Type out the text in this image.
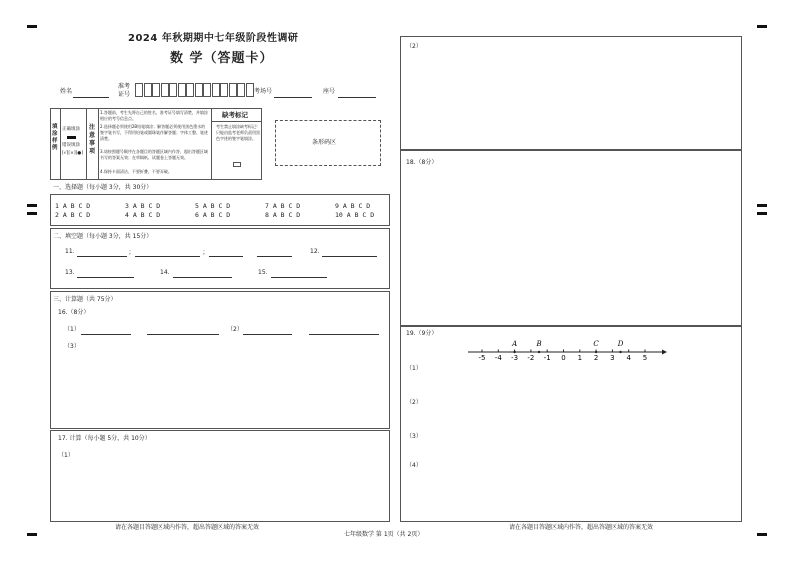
2024 年秋期期中七年级阶段性调研
数 学（答题卡）
姓名
准考
证号	考场号	座号
填涂样例
正确填涂
错误填涂
[√][×][●]
注意事项
1.答题前，考生先将自己的姓名、准考证号填写清楚，并填涂相应的考号信息点。
2.选择题必须使用2B铅笔填涂；解答题必须使用黑色墨水的签字笔书写，不得用铅笔或圆珠笔作解答题；字体工整、笔迹清楚。
3.请按照题号顺序在各题目的答题区域内作答，超出答题区域书写的答案无效；在草稿纸、试题卷上答题无效。
4.保持卡面清洁，不要折叠，不要弄破。
缺考标记
考生禁止填涂缺考标记！只能由监考老师负责用黑色字迹的签字笔填涂。
条形码区
一、选择题（每小题 3分，共 30分）
1 A B C D	3 A B C D	5 A B C D	7 A B C D	9 A B C D
2 A B C D	4 A B C D	6 A B C D	8 A B C D	10 A B C D
二、填空题（每小题 3分，共 15分）
11.	;	;	12.
13.	14.	15.
三、计算题（共 75分）
16.（8分）
（1）	（2）
（3）
17. 计算（每小题 5分，共 10分）
（1）
（2）
18.（8分）
19.（9分）
-5 -4 -3 -2 -1 0 1 2 3 4 5
A	B	C	D
（1）
（2）
（3）
（4）
请在各题目答题区域内作答，超出答题区域的答案无效
七年级数学 第 1页（共 2页）
请在各题目答题区域内作答，超出答题区域的答案无效
